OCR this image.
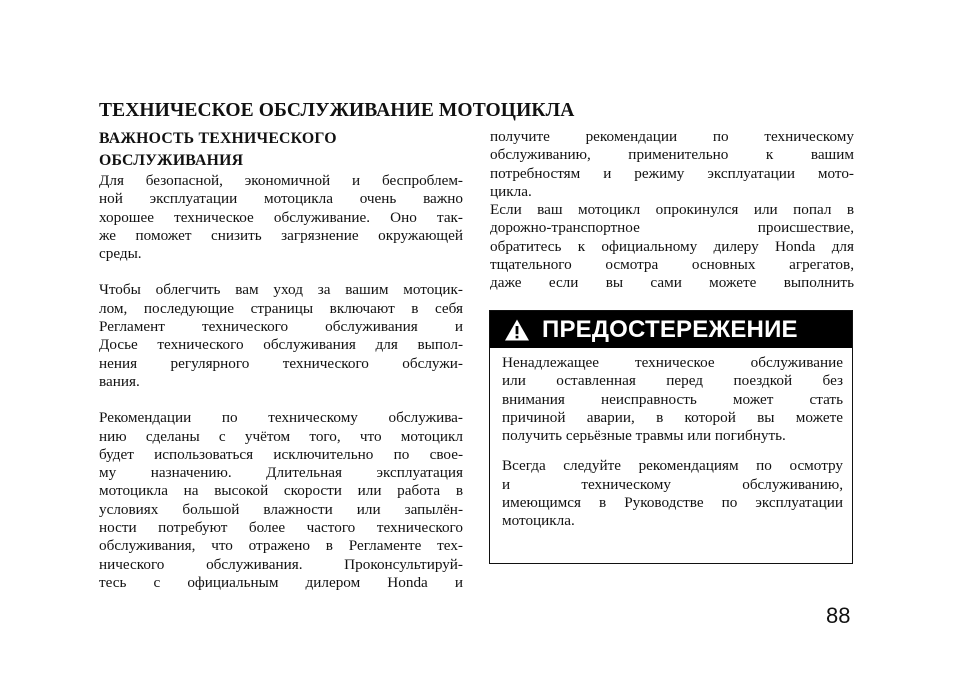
ТЕХНИЧЕСКОЕ ОБСЛУЖИВАНИЕ МОТОЦИКЛА
ВАЖНОСТЬ ТЕХНИЧЕСКОГО
ОБСЛУЖИВАНИЯ

Для безопасной, экономичной и беспроблем-

ной эксплуатации мотоцикла очень важно

хорошее техническое обслуживание. Оно так-

же поможет снизить загрязнение окружающей

среды.

Чтобы облегчить вам уход за вашим мотоцик-

лом, последующие страницы включают в себя

Регламент технического обслуживания и

Досье технического обслуживания для выпол-

нения регулярного технического обслужи-

вания.

Рекомендации по техническому обслужива-

нию сделаны с учётом того, что мотоцикл

будет использоваться исключительно по свое-

му назначению. Длительная эксплуатация

мотоцикла на высокой скорости или работа в

условиях большой влажности или запылён-

ности потребуют более частого технического

обслуживания, что отражено в Регламенте тех-

нического обслуживания. Проконсультируй-

тесь с официальным дилером Honda и

получите рекомендации по техническому

обслуживанию, применительно к вашим

потребностям и режиму эксплуатации мото-

цикла.

Если ваш мотоцикл опрокинулся или попал в

дорожно-транспортное происшествие,

обратитесь к официальному дилеру Honda для

тщательного осмотра основных агрегатов,

даже если вы сами можете выполнить

ПРЕДОСТЕРЕЖЕНИЕ

Ненадлежащее техническое обслуживание

или оставленная перед поездкой без

внимания неисправность может стать

причиной аварии, в которой вы можете

получить серьёзные травмы или погибнуть.

Всегда следуйте рекомендациям по осмотру

и техническому обслуживанию,

имеющимся в Руководстве по эксплуатации

мотоцикла.

88
